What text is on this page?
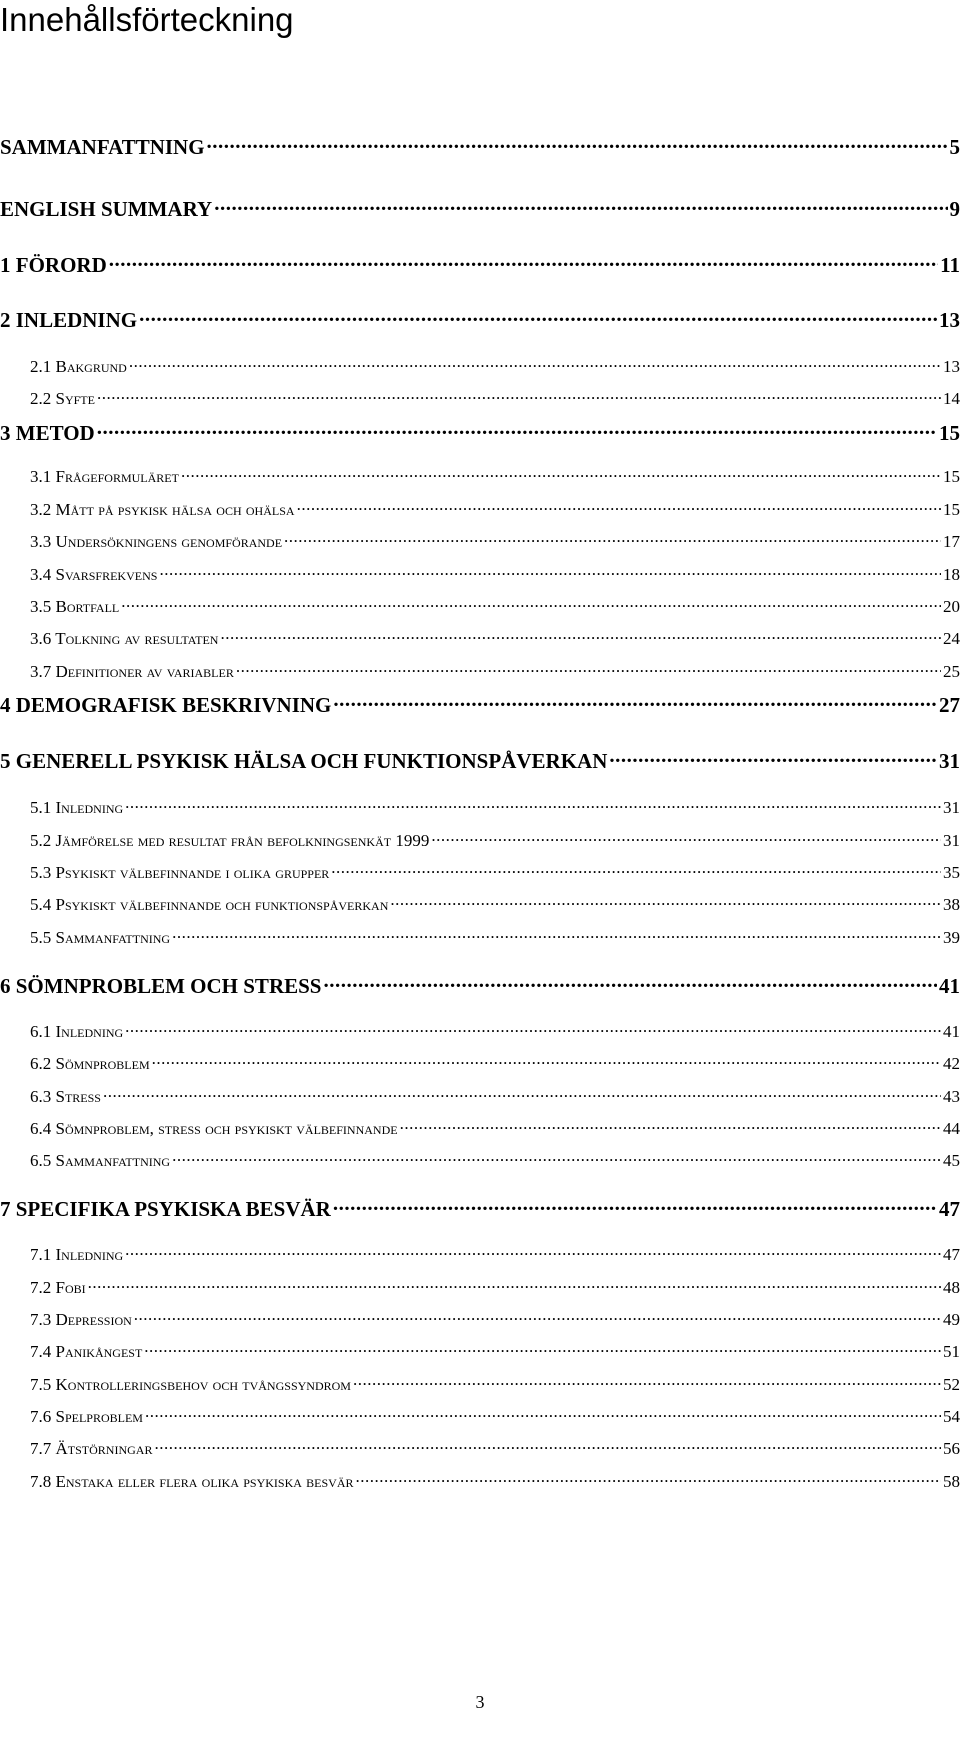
Innehållsförteckning
SAMMANFATTNING .....	5
ENGLISH SUMMARY .....	9
1 FÖRORD .....	11
2 INLEDNING .....	13
2.1 Bakgrund .....	13
2.2 Syfte .....	14
3 METOD .....	15
3.1 Frågeformuläret .....	15
3.2 Mått på psykisk hälsa och ohälsa .....	15
3.3 Undersökningens genomförande .....	17
3.4 Svarsfrekvens .....	18
3.5 Bortfall .....	20
3.6 Tolkning av resultaten .....	24
3.7 Definitioner av variabler .....	25
4 DEMOGRAFISK BESKRIVNING .....	27
5 GENERELL PSYKISK HÄLSA OCH FUNKTIONSPÅVERKAN .....	31
5.1 Inledning .....	31
5.2 Jämförelse med resultat från befolkningsenkät 1999 .....	31
5.3 Psykiskt välbefinnande i olika grupper .....	35
5.4 Psykiskt välbefinnande och funktionspåverkan .....	38
5.5 Sammanfattning .....	39
6 SÖMNPROBLEM OCH STRESS .....	41
6.1 Inledning .....	41
6.2 Sömnproblem .....	42
6.3 Stress .....	43
6.4 Sömnproblem, stress och psykiskt välbefinnande .....	44
6.5 Sammanfattning .....	45
7 SPECIFIKA PSYKISKA BESVÄR .....	47
7.1 Inledning .....	47
7.2 Fobi .....	48
7.3 Depression .....	49
7.4 Panikångest .....	51
7.5 Kontrolleringsbehov och tvångssyndrom .....	52
7.6 Spelproblem .....	54
7.7 Ätstörningar .....	56
7.8 Enstaka eller flera olika psykiska besvär .....	58
3
